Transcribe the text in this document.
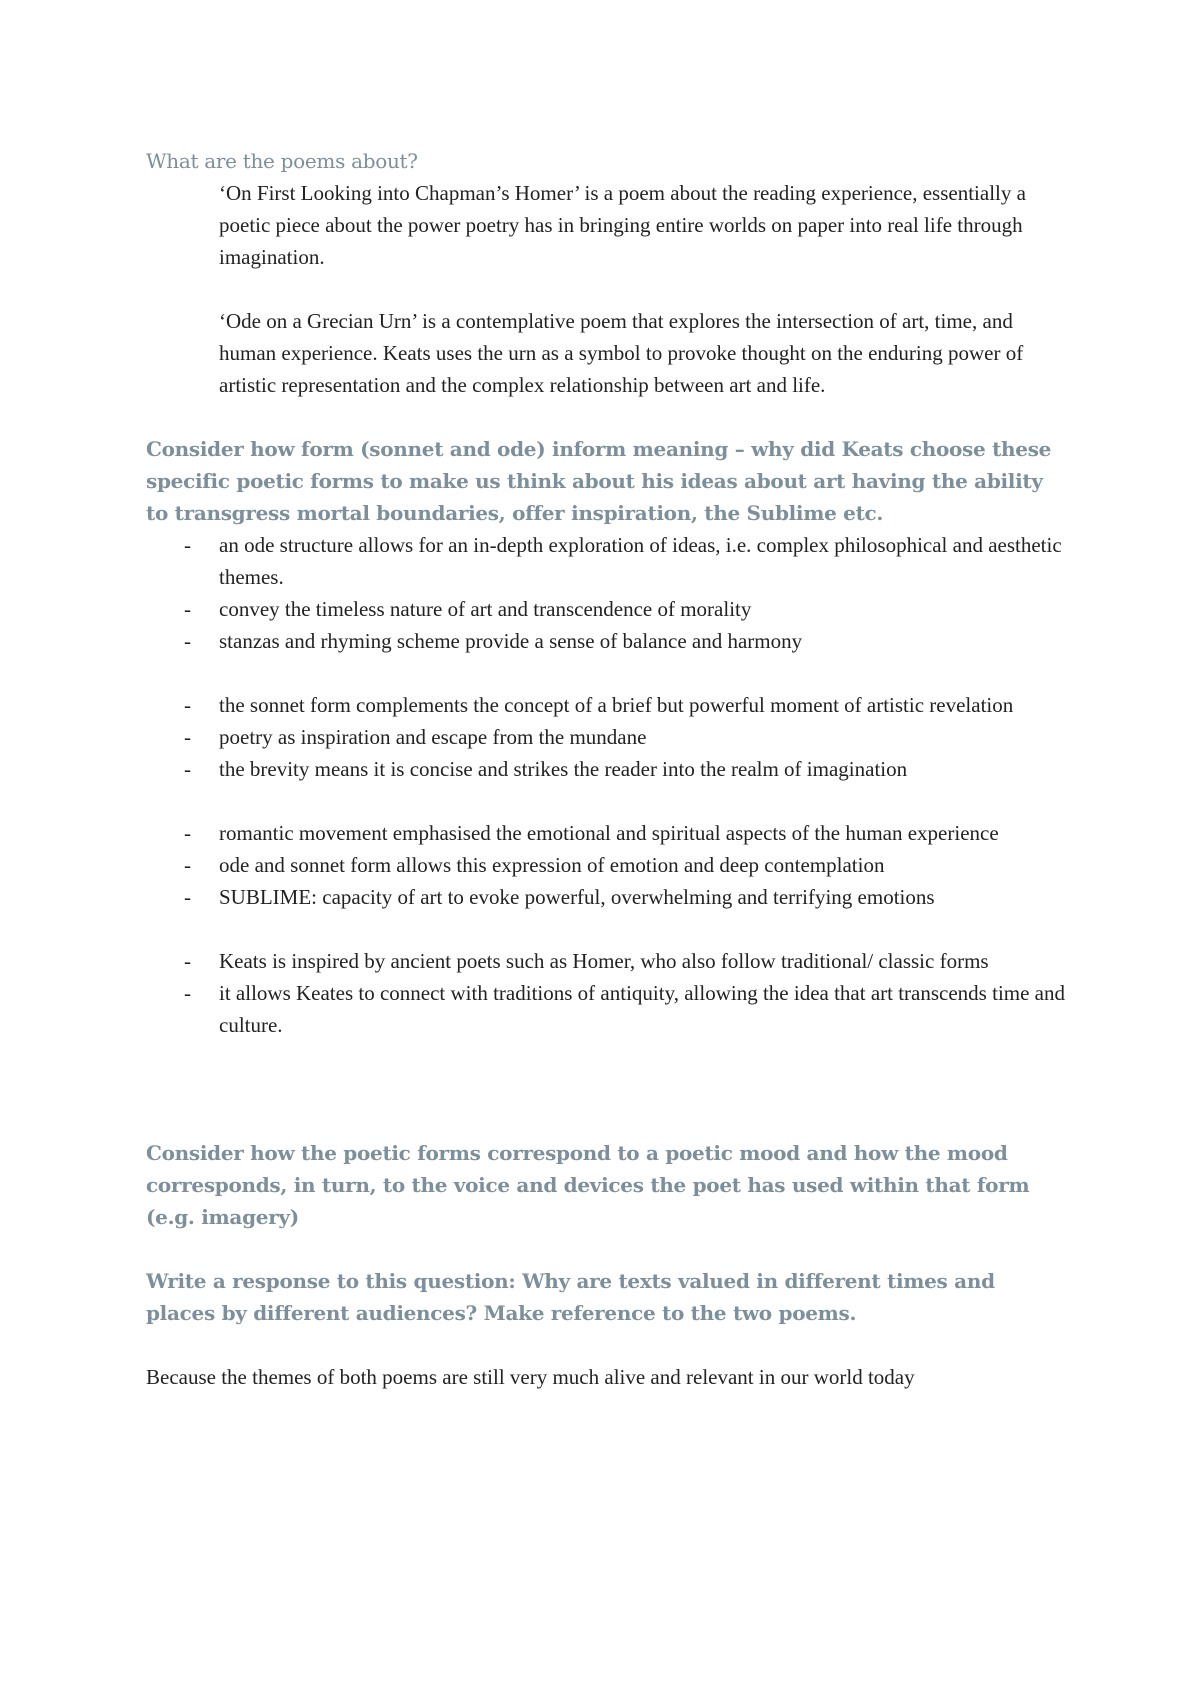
What are the poems about?

‘On First Looking into Chapman’s Homer’ is a poem about the reading experience, essentially a poetic piece about the power poetry has in bringing entire worlds on paper into real life through imagination.

‘Ode on a Grecian Urn’ is a contemplative poem that explores the intersection of art, time, and human experience. Keats uses the urn as a symbol to provoke thought on the enduring power of artistic representation and the complex relationship between art and life.

Consider how form (sonnet and ode) inform meaning – why did Keats choose these specific poetic forms to make us think about his ideas about art having the ability to transgress mortal boundaries, offer inspiration, the Sublime etc.

- an ode structure allows for an in-depth exploration of ideas, i.e. complex philosophical and aesthetic themes.
- convey the timeless nature of art and transcendence of morality
- stanzas and rhyming scheme provide a sense of balance and harmony
- the sonnet form complements the concept of a brief but powerful moment of artistic revelation
- poetry as inspiration and escape from the mundane
- the brevity means it is concise and strikes the reader into the realm of imagination
- romantic movement emphasised the emotional and spiritual aspects of the human experience
- ode and sonnet form allows this expression of emotion and deep contemplation
- SUBLIME: capacity of art to evoke powerful, overwhelming and terrifying emotions
- Keats is inspired by ancient poets such as Homer, who also follow traditional/ classic forms
- it allows Keates to connect with traditions of antiquity, allowing the idea that art transcends time and culture.

Consider how the poetic forms correspond to a poetic mood and how the mood corresponds, in turn, to the voice and devices the poet has used within that form (e.g. imagery)

Write a response to this question: Why are texts valued in different times and places by different audiences? Make reference to the two poems.

Because the themes of both poems are still very much alive and relevant in our world today
